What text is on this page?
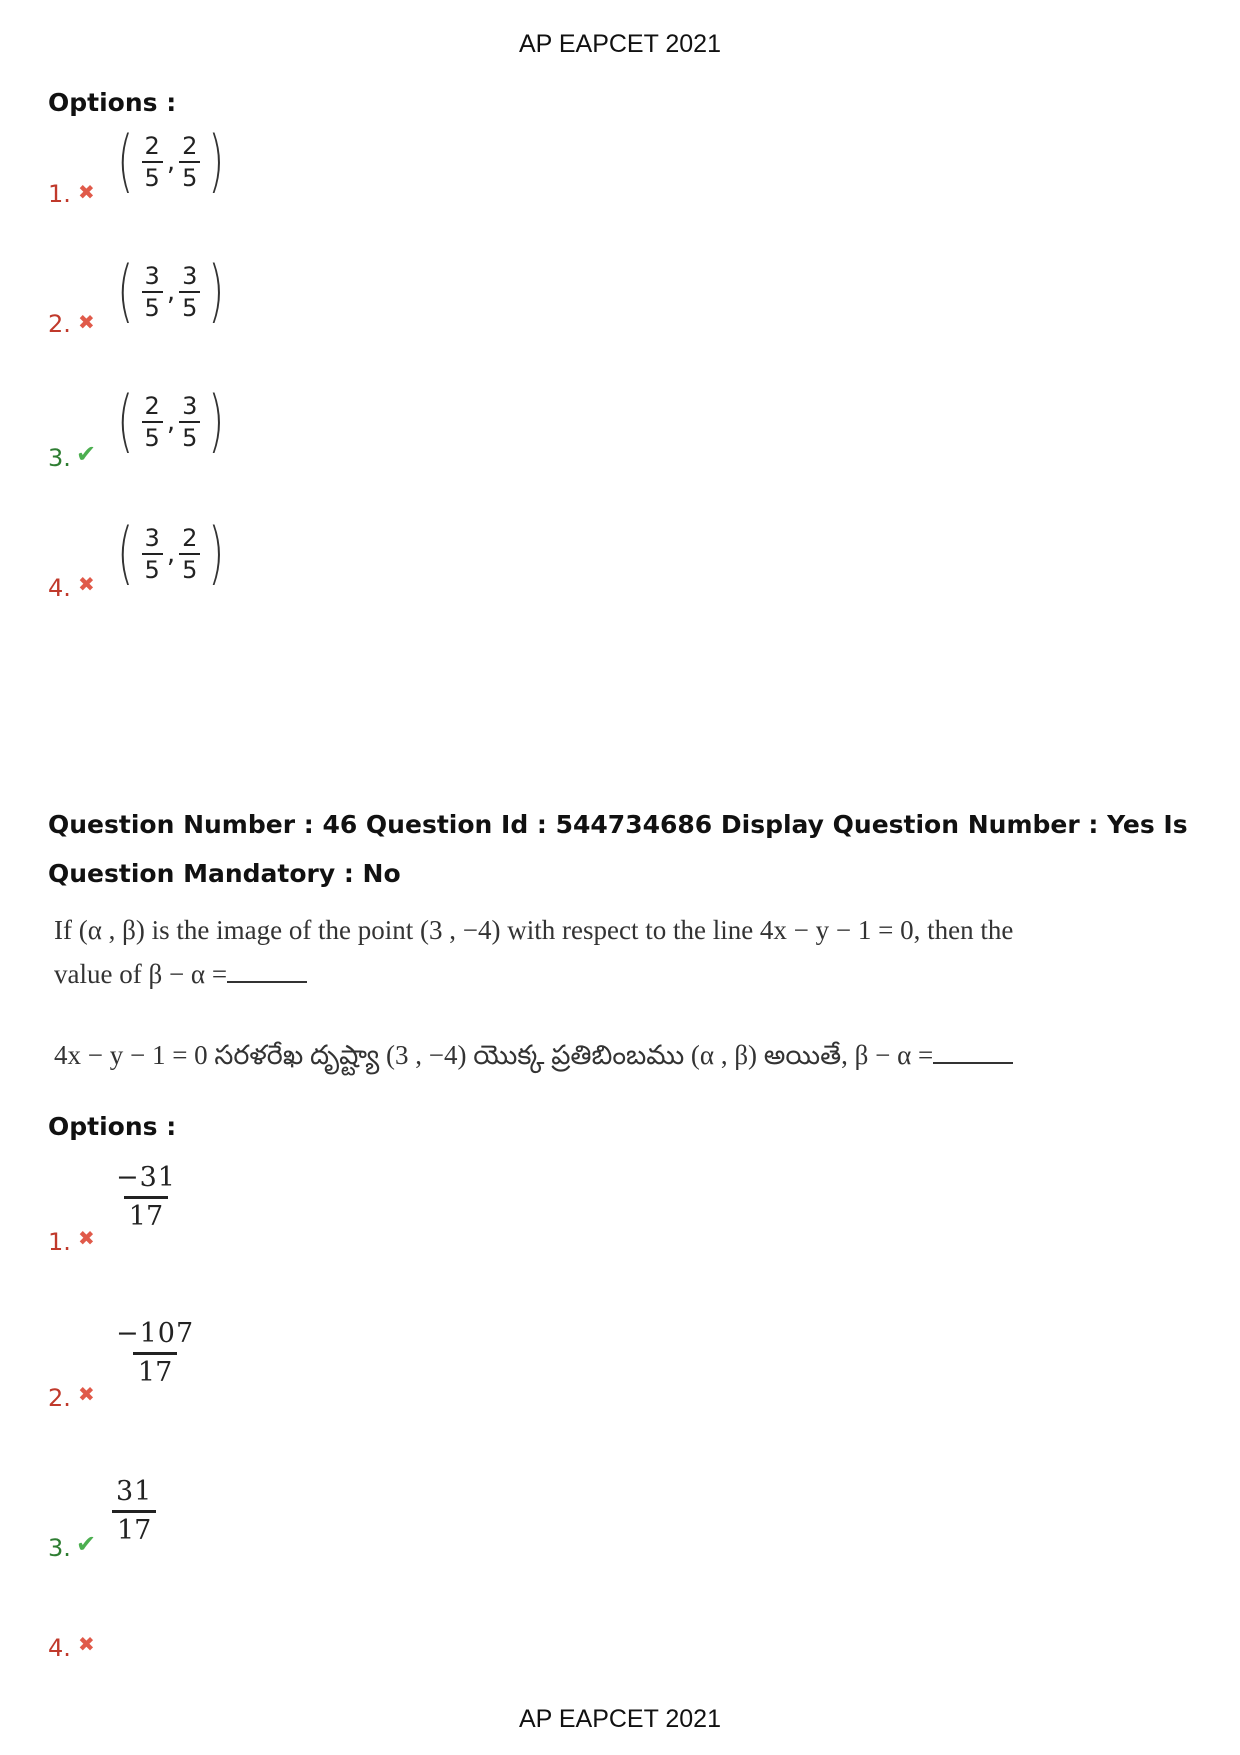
AP EAPCET 2021
Options :
1. ✖ ( $\frac{2}{5}$ , $\frac{2}{5}$ )
2. ✖ ( $\frac{3}{5}$ , $\frac{3}{5}$ )
3. ✔ ( $\frac{2}{5}$ , $\frac{3}{5}$ )
4. ✖ ( $\frac{3}{5}$ , $\frac{2}{5}$ )
Question Number : 46 Question Id : 544734686 Display Question Number : Yes Is Question Mandatory : No
If (α , β) is the image of the point (3 , −4) with respect to the line 4x − y − 1 = 0, then the
value of β − α =
4x − y − 1 = 0 సరళరేఖ దృష్ట్యా (3 , −4) యొక్క ప్రతిబింబము (α , β) అయితే, β − α =
Options :
1. ✖
−31
17
2. ✖
−107
17
3. ✔
31
17
4. ✖
AP EAPCET 2021
